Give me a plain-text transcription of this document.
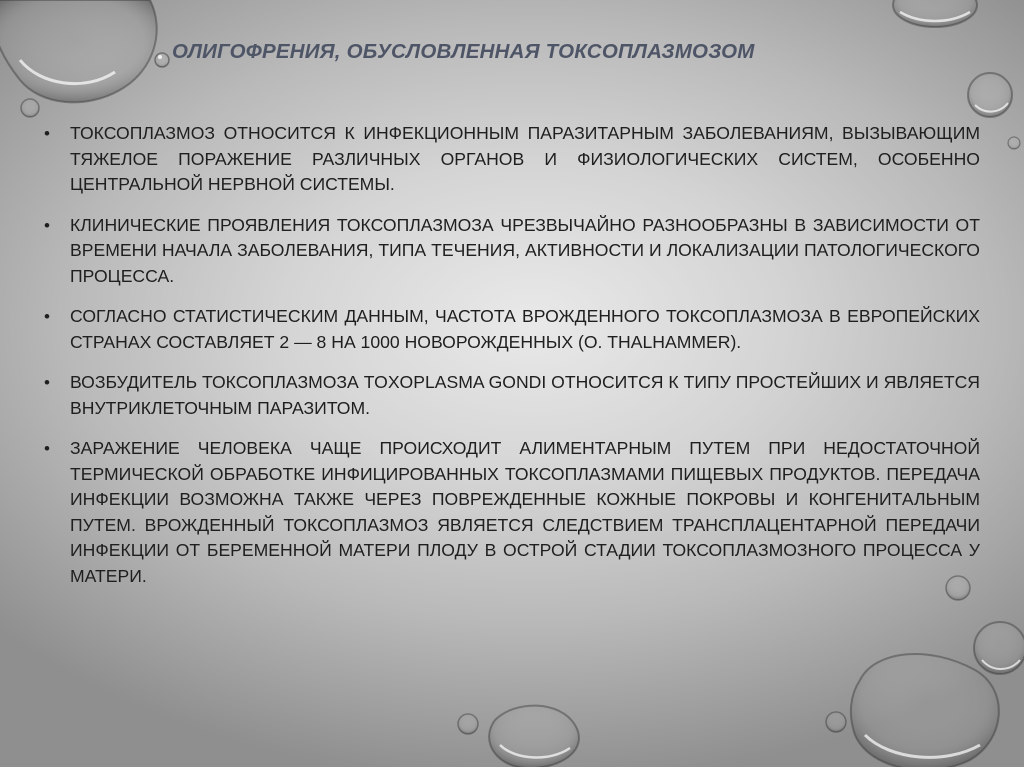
ОЛИГОФРЕНИЯ, ОБУСЛОВЛЕННАЯ ТОКСОПЛАЗМОЗОМ
• ТОКСОПЛАЗМОЗ ОТНОСИТСЯ К ИНФЕКЦИОННЫМ ПАРАЗИТАРНЫМ ЗАБОЛЕВАНИЯМ, ВЫЗЫВАЮЩИМ ТЯЖЕЛОЕ ПОРАЖЕНИЕ РАЗЛИЧНЫХ ОРГАНОВ И ФИЗИОЛОГИЧЕСКИХ СИСТЕМ, ОСОБЕННО ЦЕНТРАЛЬНОЙ НЕРВНОЙ СИСТЕМЫ.
• КЛИНИЧЕСКИЕ ПРОЯВЛЕНИЯ ТОКСОПЛАЗМОЗА ЧРЕЗВЫЧАЙНО РАЗНООБРАЗНЫ В ЗАВИСИМОСТИ ОТ ВРЕМЕНИ НАЧАЛА ЗАБОЛЕВАНИЯ, ТИПА ТЕЧЕНИЯ, АКТИВНОСТИ И ЛОКАЛИЗАЦИИ ПАТОЛОГИЧЕСКОГО ПРОЦЕССА.
• СОГЛАСНО СТАТИСТИЧЕСКИМ ДАННЫМ, ЧАСТОТА ВРОЖДЕННОГО ТОКСОПЛАЗМОЗА В ЕВРОПЕЙСКИХ СТРАНАХ СОСТАВЛЯЕТ 2 — 8 НА 1000 НОВОРОЖДЕННЫХ (О. THALHAMMER).
• ВОЗБУДИТЕЛЬ ТОКСОПЛАЗМОЗА TOXOPLASMA GONDI ОТНОСИТСЯ К ТИПУ ПРОСТЕЙШИХ И ЯВЛЯЕТСЯ ВНУТРИКЛЕТОЧНЫМ ПАРАЗИТОМ.
• ЗАРАЖЕНИЕ ЧЕЛОВЕКА ЧАЩЕ ПРОИСХОДИТ АЛИМЕНТАРНЫМ ПУТЕМ ПРИ НЕДОСТАТОЧНОЙ ТЕРМИЧЕСКОЙ ОБРАБОТКЕ ИНФИЦИРОВАННЫХ ТОКСОПЛАЗМАМИ ПИЩЕВЫХ ПРОДУКТОВ. ПЕРЕДАЧА ИНФЕКЦИИ ВОЗМОЖНА ТАКЖЕ ЧЕРЕЗ ПОВРЕЖДЕННЫЕ КОЖНЫЕ ПОКРОВЫ И КОНГЕНИТАЛЬНЫМ ПУТЕМ. ВРОЖДЕННЫЙ ТОКСОПЛАЗМОЗ ЯВЛЯЕТСЯ СЛЕДСТВИЕМ ТРАНСПЛАЦЕНТАРНОЙ ПЕРЕДАЧИ ИНФЕКЦИИ ОТ БЕРЕМЕННОЙ МАТЕРИ ПЛОДУ В ОСТРОЙ СТАДИИ ТОКСОПЛАЗМОЗНОГО ПРОЦЕССА У МАТЕРИ.
